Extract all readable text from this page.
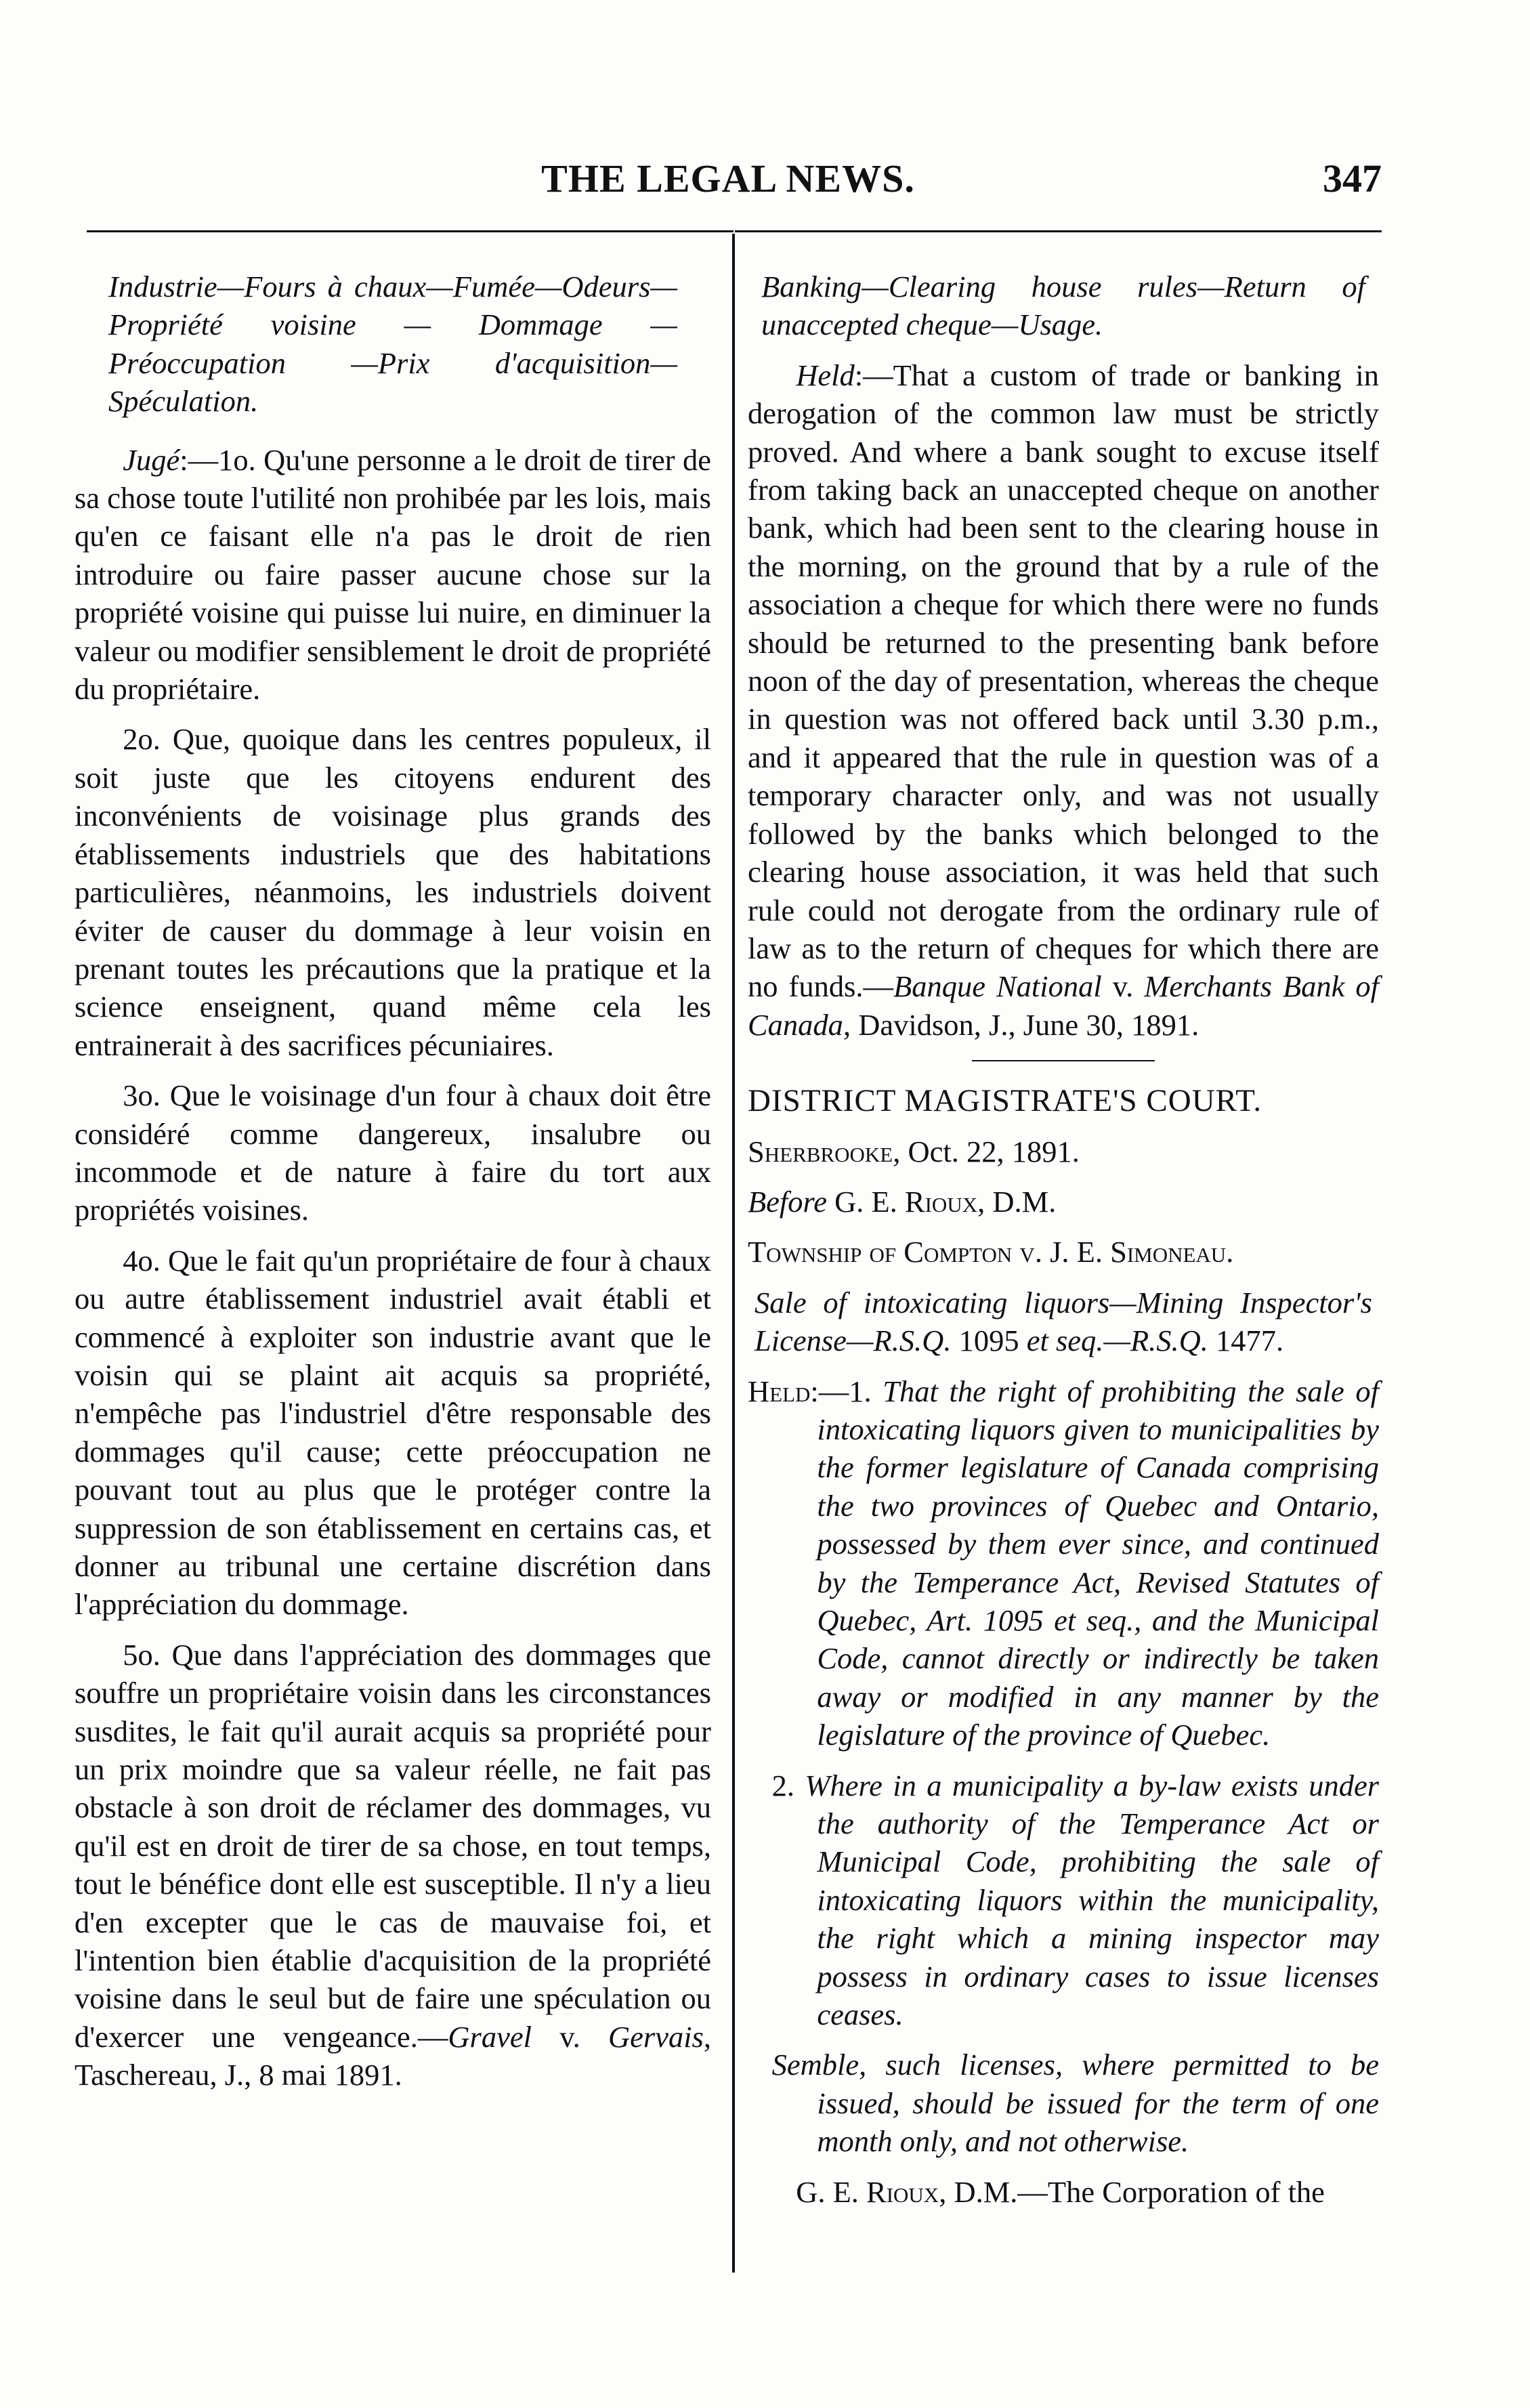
THE LEGAL NEWS.	347

Industrie—Fours à chaux—Fumée—Odeurs—Propriété voisine — Dommage —Préoccupation —Prix d'acquisition—Spéculation.

Jugé:—1o. Qu'une personne a le droit de tirer de sa chose toute l'utilité non prohibée par les lois, mais qu'en ce faisant elle n'a pas le droit de rien introduire ou faire passer aucune chose sur la propriété voisine qui puisse lui nuire, en diminuer la valeur ou modifier sensiblement le droit de propriété du propriétaire.

2o. Que, quoique dans les centres populeux, il soit juste que les citoyens endurent des inconvénients de voisinage plus grands des établissements industriels que des habitations particulières, néanmoins, les industriels doivent éviter de causer du dommage à leur voisin en prenant toutes les précautions que la pratique et la science enseignent, quand même cela les entrainerait à des sacrifices pécuniaires.

3o. Que le voisinage d'un four à chaux doit être considéré comme dangereux, insalubre ou incommode et de nature à faire du tort aux propriétés voisines.

4o. Que le fait qu'un propriétaire de four à chaux ou autre établissement industriel avait établi et commencé à exploiter son industrie avant que le voisin qui se plaint ait acquis sa propriété, n'empêche pas l'industriel d'être responsable des dommages qu'il cause; cette préoccupation ne pouvant tout au plus que le protéger contre la suppression de son établissement en certains cas, et donner au tribunal une certaine discrétion dans l'appréciation du dommage.

5o. Que dans l'appréciation des dommages que souffre un propriétaire voisin dans les circonstances susdites, le fait qu'il aurait acquis sa propriété pour un prix moindre que sa valeur réelle, ne fait pas obstacle à son droit de réclamer des dommages, vu qu'il est en droit de tirer de sa chose, en tout temps, tout le bénéfice dont elle est susceptible. Il n'y a lieu d'en excepter que le cas de mauvaise foi, et l'intention bien établie d'acquisition de la propriété voisine dans le seul but de faire une spéculation ou d'exercer une vengeance.—Gravel v. Gervais, Taschereau, J., 8 mai 1891.

Banking—Clearing house rules—Return of unaccepted cheque—Usage.

Held:—That a custom of trade or banking in derogation of the common law must be strictly proved. And where a bank sought to excuse itself from taking back an unaccepted cheque on another bank, which had been sent to the clearing house in the morning, on the ground that by a rule of the association a cheque for which there were no funds should be returned to the presenting bank before noon of the day of presentation, whereas the cheque in question was not offered back until 3.30 p.m., and it appeared that the rule in question was of a temporary character only, and was not usually followed by the banks which belonged to the clearing house association, it was held that such rule could not derogate from the ordinary rule of law as to the return of cheques for which there are no funds.—Banque National v. Merchants Bank of Canada, Davidson, J., June 30, 1891.

DISTRICT MAGISTRATE'S COURT.

Sherbrooke, Oct. 22, 1891.

Before G. E. Rioux, D.M.

Township of Compton v. J. E. Simoneau.

Sale of intoxicating liquors—Mining Inspector's License—R.S.Q. 1095 et seq.—R.S.Q. 1477.

Held:—1. That the right of prohibiting the sale of intoxicating liquors given to municipalities by the former legislature of Canada comprising the two provinces of Quebec and Ontario, possessed by them ever since, and continued by the Temperance Act, Revised Statutes of Quebec, Art. 1095 et seq., and the Municipal Code, cannot directly or indirectly be taken away or modified in any manner by the legislature of the province of Quebec.

2. Where in a municipality a by-law exists under the authority of the Temperance Act or Municipal Code, prohibiting the sale of intoxicating liquors within the municipality, the right which a mining inspector may possess in ordinary cases to issue licenses ceases.

Semble, such licenses, where permitted to be issued, should be issued for the term of one month only, and not otherwise.

G. E. Rioux, D.M.—The Corporation of the
